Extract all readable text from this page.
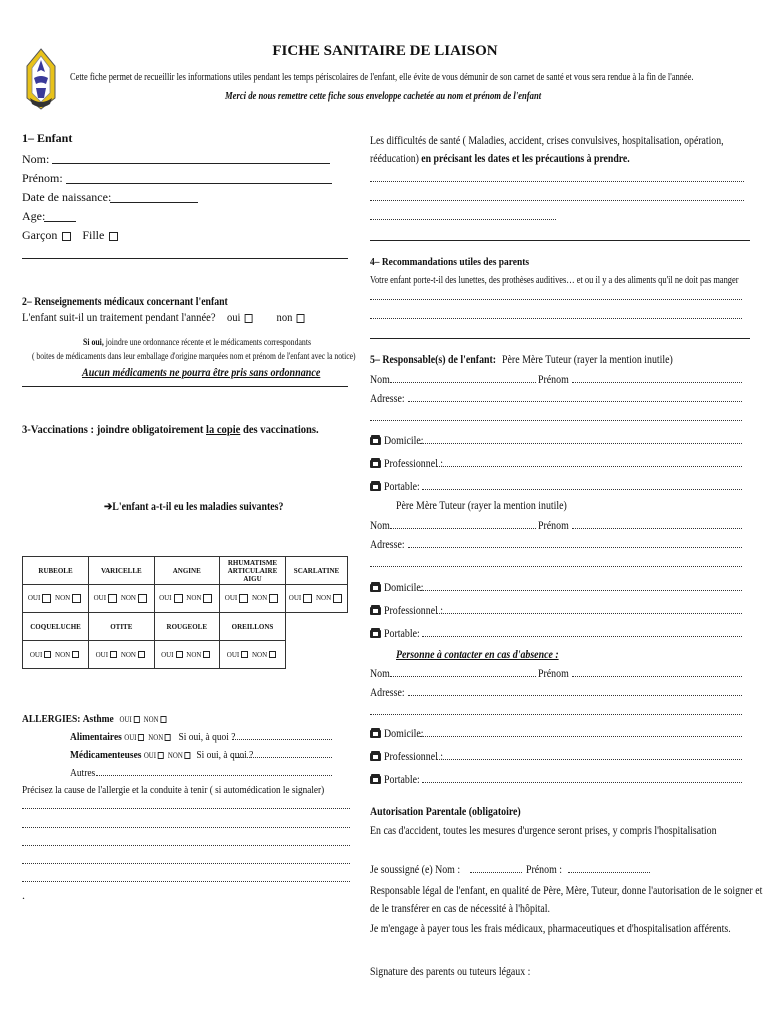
FICHE SANITAIRE DE LIAISON
Cette fiche permet de recueillir les informations utiles pendant les temps périscolaires de l'enfant, elle évite de vous démunir de son carnet de santé et vous sera rendue à la fin de l'année.
Merci de nous remettre cette fiche sous enveloppe cachetée au nom et prénom de l'enfant
1– Enfant
Nom:
Prénom:
Date de naissance:
Age:
Garçon Fille
2– Renseignements médicaux concernant l'enfant
L'enfant suit-il un traitement pendant l'année? oui	non
Si oui, joindre une ordonnance récente et le médicaments correspondants
( boites de médicaments dans leur emballage d'origine marquées nom et prénom de l'enfant avec la notice)
Aucun médicaments ne pourra être pris sans ordonnance
3-Vaccinations : joindre obligatoirement la copie des vaccinations.
➔L'enfant a-t-il eu les maladies suivantes?
RUBEOLE	VARICELLE	ANGINE	RHUMATISME ARTICULAIRE AIGU	SCARLATINE
OUI NON	OUI NON	OUI NON	OUI NON	OUI NON
COQUELUCHE	OTITE	ROUGEOLE	OREILLONS	
OUI NON	OUI NON	OUI NON	OUI NON	
ALLERGIES: Asthme OUI NON
Alimentaires OUI NON Si oui, à quoi ?
Médicamenteuses OUI NON Si oui, à quoi ?
Autres
Précisez la cause de l'allergie et la conduite à tenir ( si automédication le signaler)
.
Les difficultés de santé ( Maladies, accident, crises convulsives, hospitalisation, opération,
rééducation) en précisant les dates et les précautions à prendre.
4– Recommandations utiles des parents
Votre enfant porte-t-il des lunettes, des prothèses auditives… et ou il y a des aliments qu'il ne doit pas manger
5– Responsable(s) de l'enfant: Père Mère Tuteur (rayer la mention inutile)
Nom	Prénom
Adresse:
Domicile:
Professionnel :
Portable:
Père Mère Tuteur (rayer la mention inutile)
Nom	Prénom
Adresse:
Domicile:
Professionnel :
Portable:
Personne à contacter en cas d'absence :
Nom	Prénom
Adresse:
Domicile:
Professionnel :
Portable:
Autorisation Parentale (obligatoire)
En cas d'accident, toutes les mesures d'urgence seront prises, y compris l'hospitalisation
Je soussigné (e) Nom :	Prénom :
Responsable légal de l'enfant, en qualité de Père, Mère, Tuteur, donne l'autorisation de le soigner et
de le transférer en cas de nécessité à l'hôpital.
Je m'engage à payer tous les frais médicaux, pharmaceutiques et d'hospitalisation afférents.
Signature des parents ou tuteurs légaux :
